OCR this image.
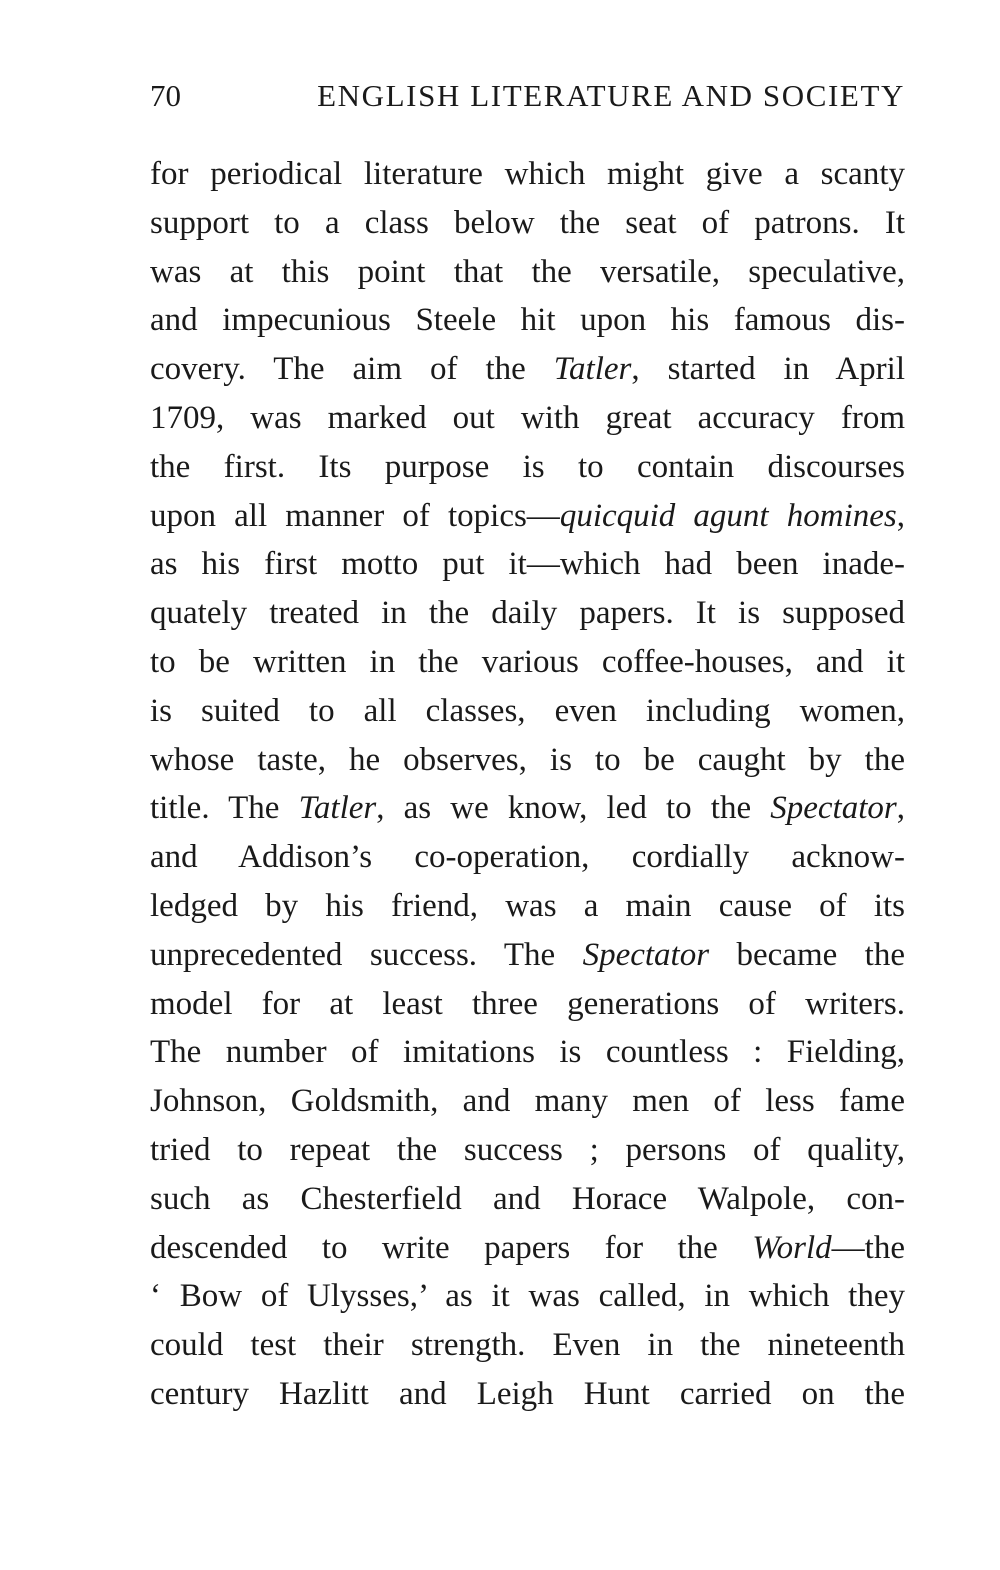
70	ENGLISH LITERATURE AND SOCIETY
for periodical literature which might give a scanty
support to a class below the seat of patrons. It
was at this point that the versatile, speculative,
and impecunious Steele hit upon his famous dis-
covery. The aim of the Tatler, started in April
1709, was marked out with great accuracy from
the first. Its purpose is to contain discourses
upon all manner of topics—quicquid agunt homines,
as his first motto put it—which had been inade-
quately treated in the daily papers. It is supposed
to be written in the various coffee-houses, and it
is suited to all classes, even including women,
whose taste, he observes, is to be caught by the
title. The Tatler, as we know, led to the Spectator,
and Addison’s co-operation, cordially acknow-
ledged by his friend, was a main cause of its
unprecedented success. The Spectator became the
model for at least three generations of writers.
The number of imitations is countless : Fielding,
Johnson, Goldsmith, and many men of less fame
tried to repeat the success ; persons of quality,
such as Chesterfield and Horace Walpole, con-
descended to write papers for the World—the
‘ Bow of Ulysses,’ as it was called, in which they
could test their strength. Even in the nineteenth
century Hazlitt and Leigh Hunt carried on the
